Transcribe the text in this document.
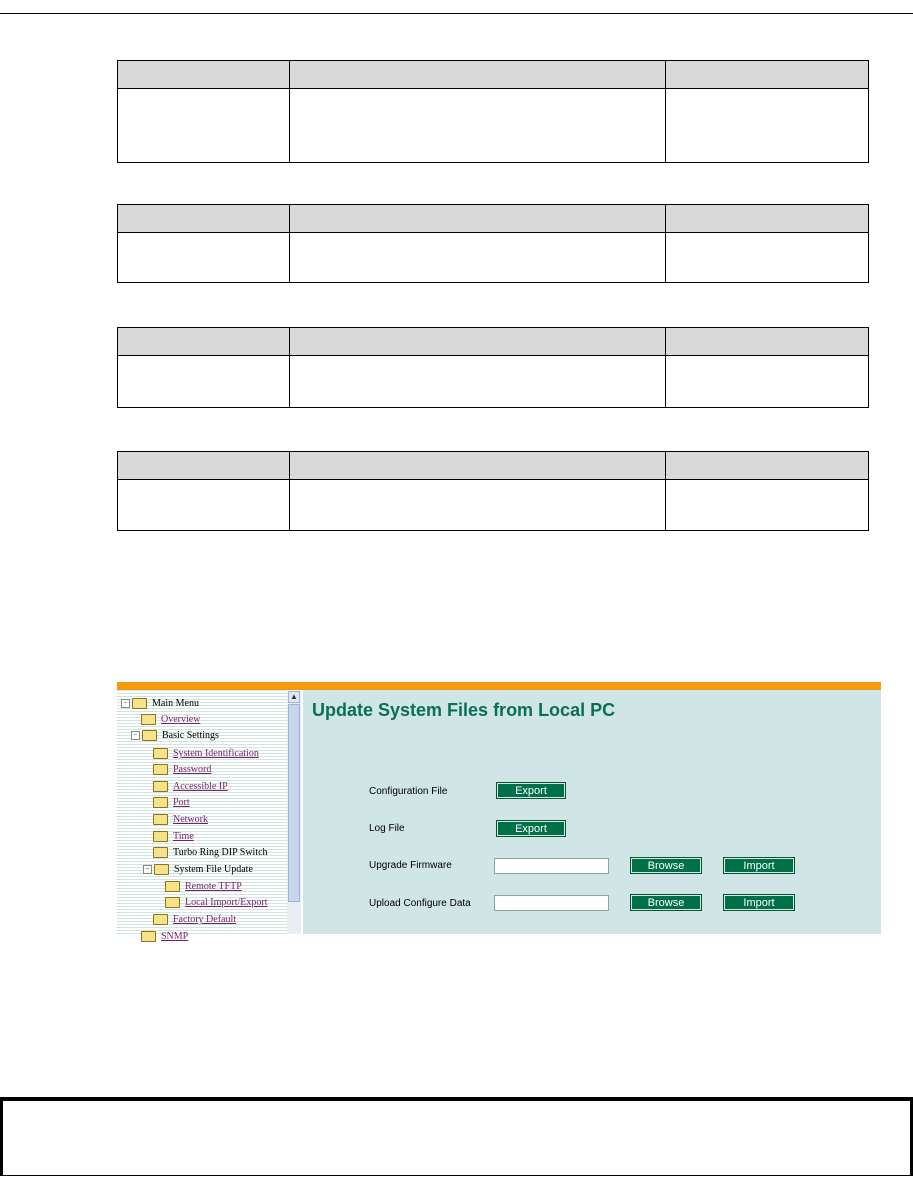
− Main Menu
Overview
− Basic Settings
System Identification
Password
Accessible IP
Port
Network
Time
Turbo Ring DIP Switch
− System File Update
Remote TFTP
Local Import/Export
Factory Default
SNMP
▲
Update System Files from Local PC
Configuration File	Export
Log File	Export
Upgrade Firmware	Browse	Import
Upload Configure Data	Browse	Import
